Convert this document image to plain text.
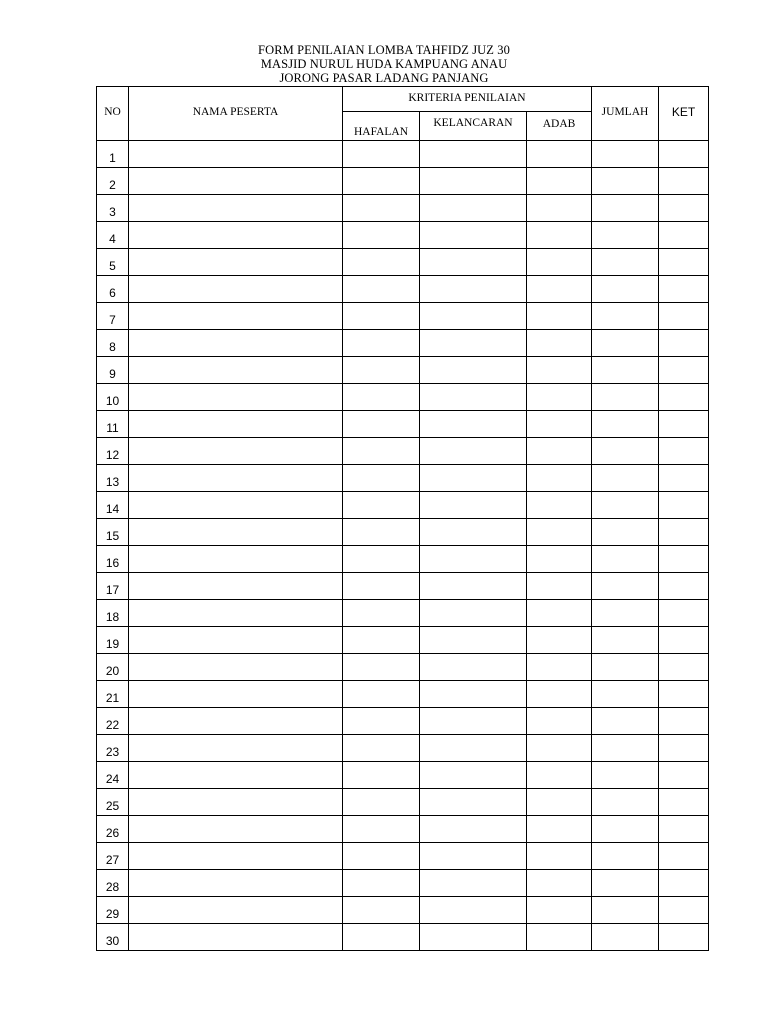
FORM PENILAIAN LOMBA TAHFIDZ JUZ 30
MASJID NURUL HUDA KAMPUANG ANAU
JORONG PASAR LADANG PANJANG
NO	NAMA PESERTA	KRITERIA PENILAIAN			JUMLAH	KET
		HAFALAN	KELANCARAN	ADAB		
1						
2						
3						
4						
5						
6						
7						
8						
9						
10						
11						
12						
13						
14						
15						
16						
17						
18						
19						
20						
21						
22						
23						
24						
25						
26						
27						
28						
29						
30						
